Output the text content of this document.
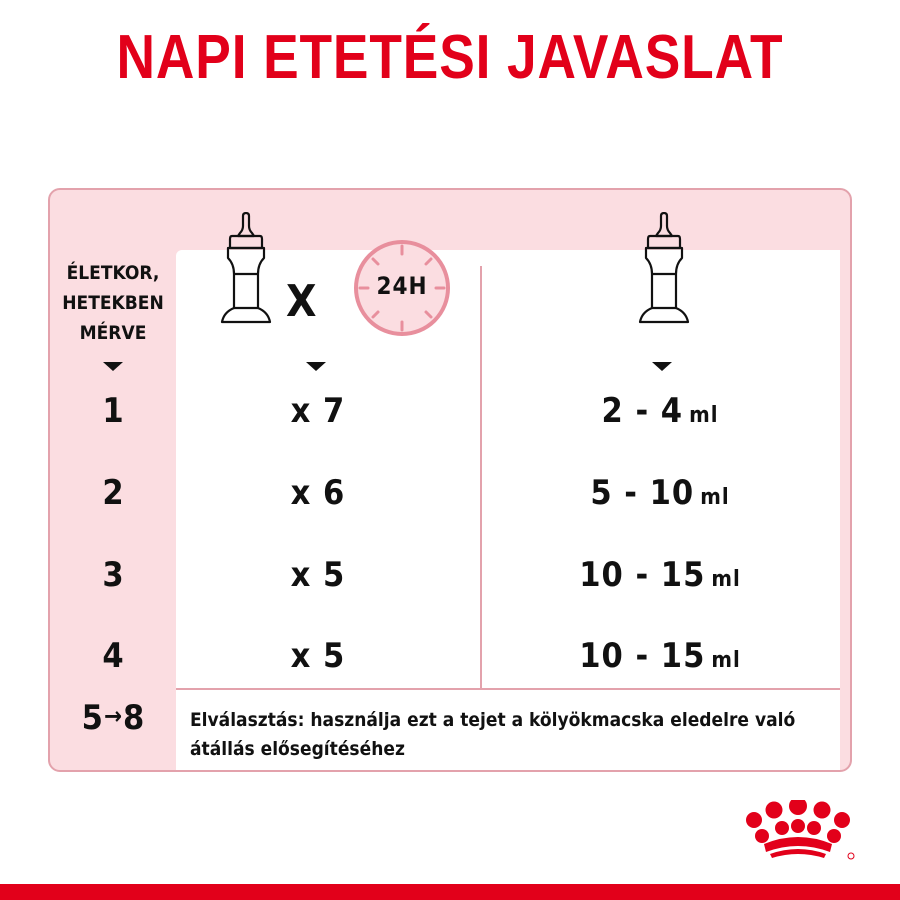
NAPI ETETÉSI JAVASLAT
ÉLETKOR,
HETEKBEN
MÉRVE
X	24H
1	x 7	2 - 4 ml
2	x 6	5 - 10 ml
3	x 5	10 - 15 ml
4	x 5	10 - 15 ml
5→8	Elválasztás: használja ezt a tejet a kölyökmacska eledelre való átállás elősegítéséhez
